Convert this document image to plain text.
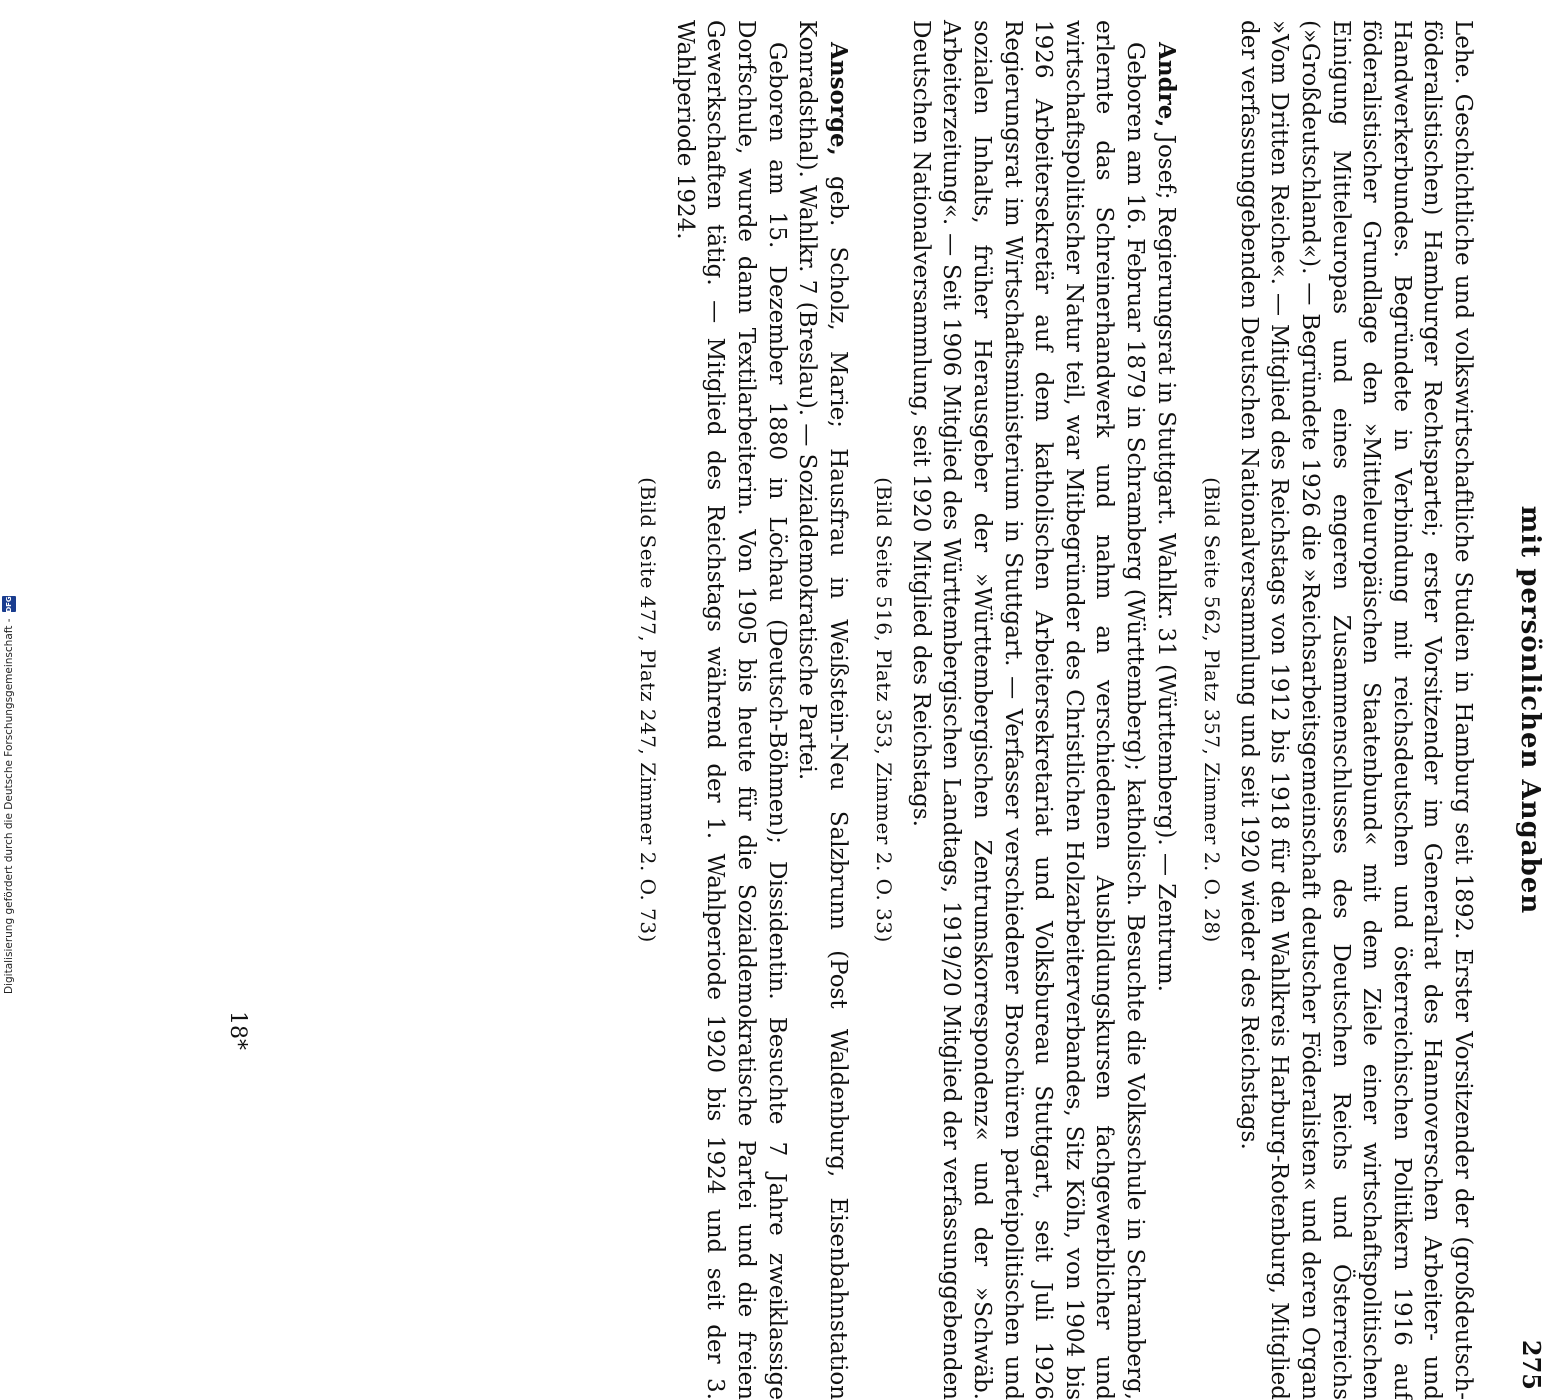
mit persönlichen Angaben
275

Lehe. Geschichtliche und volkswirtschaftliche Studien in Hamburg seit 1892. Erster Vorsitzender der (großdeutsch-föderalistischen) Hamburger Rechtspartei; erster Vorsitzender im Generalrat des Hannoverschen Arbeiter- und Handwerkerbundes. Begründete in Verbindung mit reichsdeutschen und österreichischen Politikern 1916 auf föderalistischer Grundlage den »Mitteleuropäischen Staatenbund« mit dem Ziele einer wirtschaftspolitischen Einigung Mitteleuropas und eines engeren Zusammenschlusses des Deutschen Reichs und Österreichs (»Großdeutschland«). — Begründete 1926 die »Reichsarbeitsgemeinschaft deutscher Föderalisten« und deren Organ »Vom Dritten Reiche«. — Mitglied des Reichstags von 1912 bis 1918 für den Wahlkreis Harburg-Rotenburg, Mitglied der verfassunggebenden Deutschen Nationalversammlung und seit 1920 wieder des Reichstags.

(Bild Seite 562, Platz 357, Zimmer 2. O. 28)

Andre, Josef; Regierungsrat in Stuttgart. Wahlkr. 31 (Württemberg). — Zentrum.

Geboren am 16. Februar 1879 in Schramberg (Württemberg); katholisch. Besuchte die Volksschule in Schramberg, erlernte das Schreinerhandwerk und nahm an verschiedenen Ausbildungskursen fachgewerblicher und wirtschaftspolitischer Natur teil, war Mitbegründer des Christlichen Holzarbeiterverbandes, Sitz Köln, von 1904 bis 1926 Arbeitersekretär auf dem katholischen Arbeitersekretariat und Volksbureau Stuttgart, seit Juli 1926 Regierungsrat im Wirtschaftsministerium in Stuttgart. — Verfasser verschiedener Broschüren parteipolitischen und sozialen Inhalts, früher Herausgeber der »Württembergischen Zentrumskorrespondenz« und der »Schwäb. Arbeiterzeitung«. — Seit 1906 Mitglied des Württembergischen Landtags, 1919/20 Mitglied der verfassunggebenden Deutschen Nationalversammlung, seit 1920 Mitglied des Reichstags.

(Bild Seite 516, Platz 353, Zimmer 2. O. 33)

Ansorge, geb. Scholz, Marie; Hausfrau in Weißstein-Neu Salzbrunn (Post Waldenburg, Eisenbahnstation Konradsthal). Wahlkr. 7 (Breslau). — Sozialdemokratische Partei.

Geboren am 15. Dezember 1880 in Löchau (Deutsch-Böhmen); Dissidentin. Besuchte 7 Jahre zweiklassige Dorfschule, wurde dann Textilarbeiterin. Von 1905 bis heute für die Sozialdemokratische Partei und die freien Gewerkschaften tätig. — Mitglied des Reichstags während der 1. Wahlperiode 1920 bis 1924 und seit der 3. Wahlperiode 1924.

(Bild Seite 477, Platz 247, Zimmer 2. O. 73)
18*
Digitalisierung gefördert durch die Deutsche Forschungsgemeinschaft -
DFG
